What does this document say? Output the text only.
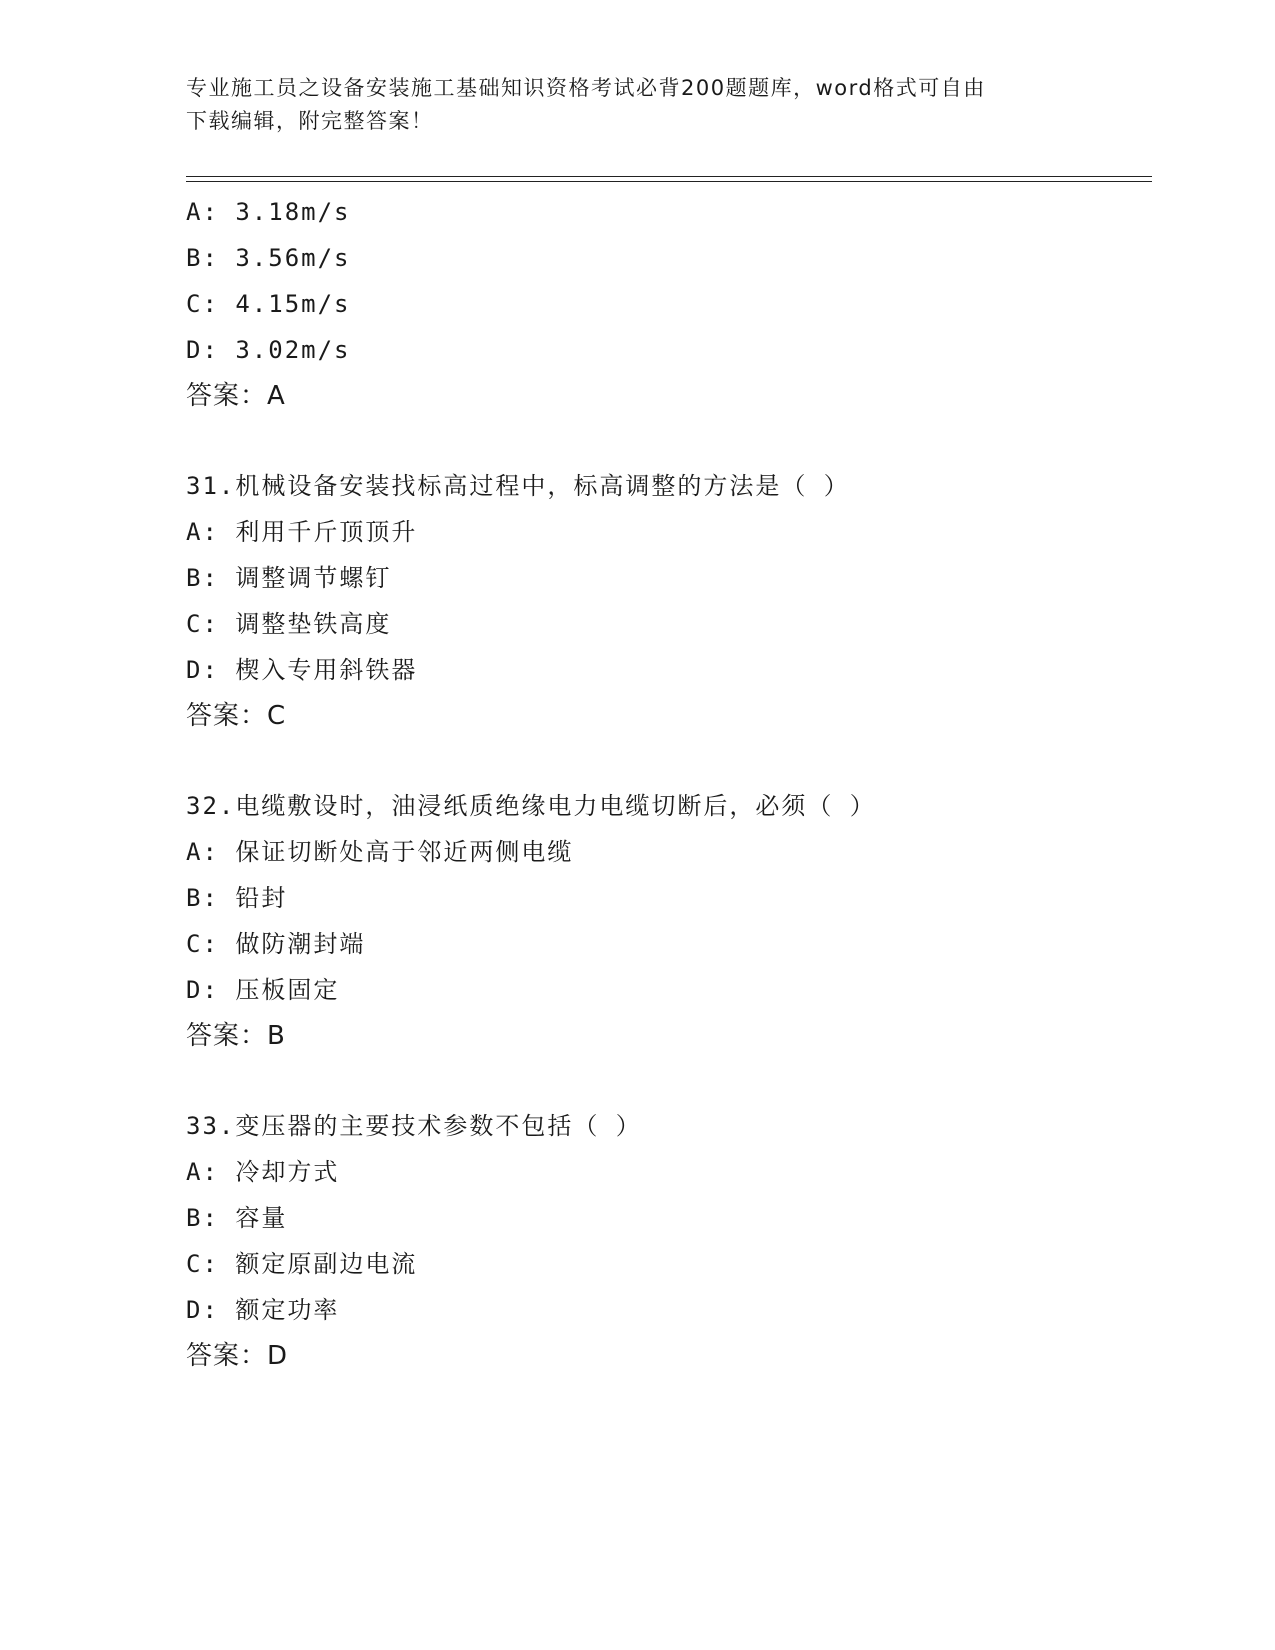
专业施工员之设备安装施工基础知识资格考试必背200题题库，word格式可自由
下载编辑，附完整答案！
A: 3.18m/s
B: 3.56m/s
C: 4.15m/s
D: 3.02m/s
答案：A
31.机械设备安装找标高过程中，标高调整的方法是（ ）
A: 利用千斤顶顶升
B: 调整调节螺钉
C: 调整垫铁高度
D: 楔入专用斜铁器
答案：C
32.电缆敷设时，油浸纸质绝缘电力电缆切断后，必须（ ）
A: 保证切断处高于邻近两侧电缆
B: 铅封
C: 做防潮封端
D: 压板固定
答案：B
33.变压器的主要技术参数不包括（ ）
A: 冷却方式
B: 容量
C: 额定原副边电流
D: 额定功率
答案：D
